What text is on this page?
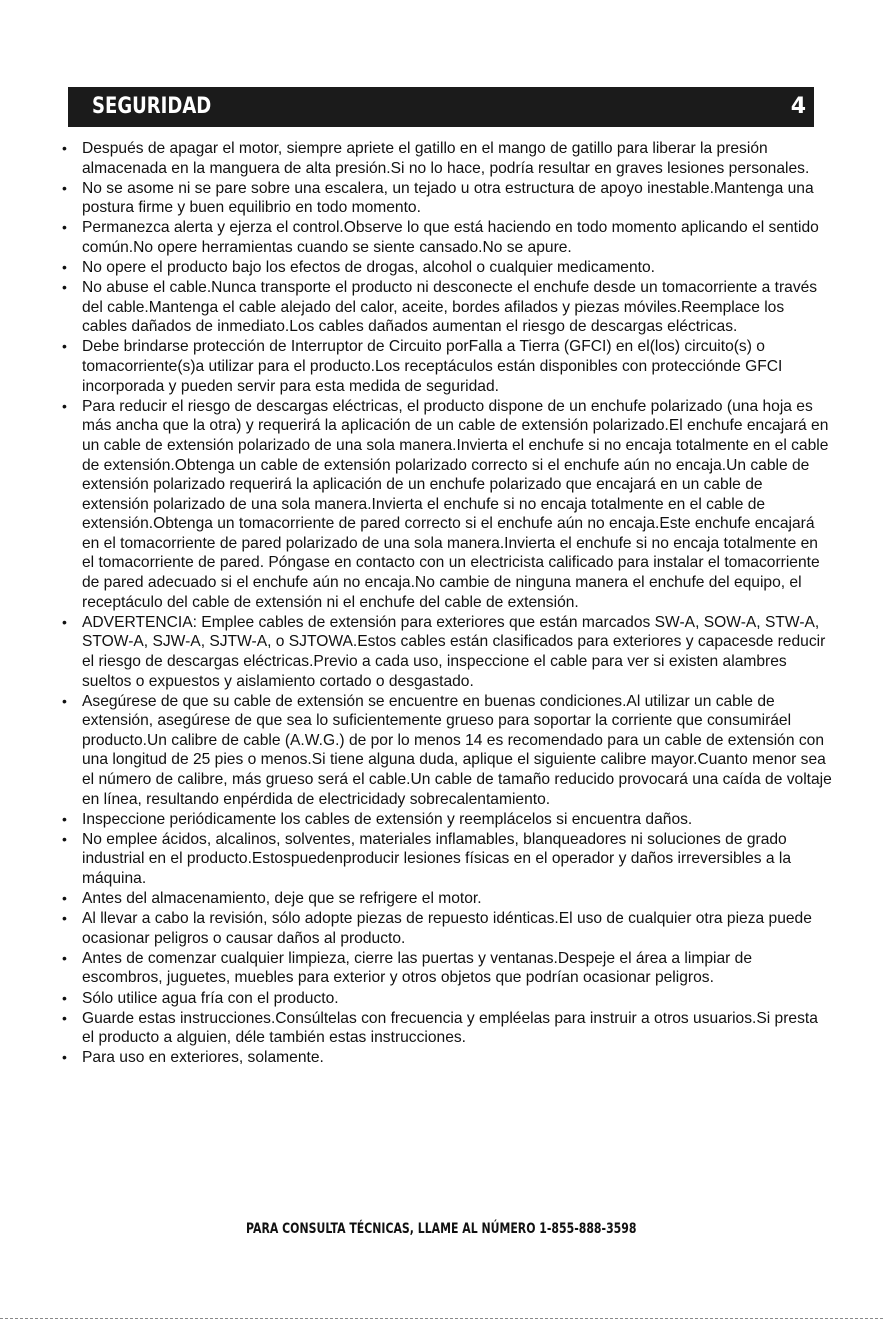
SEGURIDAD	4
• Después de apagar el motor, siempre apriete el gatillo en el mango de gatillo para liberar la presión almacenada en la manguera de alta presión.Si no lo hace, podría resultar en graves lesiones personales.
• No se asome ni se pare sobre una escalera, un tejado u otra estructura de apoyo inestable.Mantenga una postura firme y buen equilibrio en todo momento.
• Permanezca alerta y ejerza el control.Observe lo que está haciendo en todo momento aplicando el sentido común.No opere herramientas cuando se siente cansado.No se apure.
• No opere el producto bajo los efectos de drogas, alcohol o cualquier medicamento.
• No abuse el cable.Nunca transporte el producto ni desconecte el enchufe desde un tomacorriente a través del cable.Mantenga el cable alejado del calor, aceite, bordes afilados y piezas móviles.Reemplace los cables dañados de inmediato.Los cables dañados aumentan el riesgo de descargas eléctricas.
• Debe brindarse protección de Interruptor de Circuito porFalla a Tierra (GFCI) en el(los) circuito(s) o tomacorriente(s)a utilizar para el producto.Los receptáculos están disponibles con protecciónde GFCI incorporada y pueden servir para esta medida de seguridad.
• Para reducir el riesgo de descargas eléctricas, el producto dispone de un enchufe polarizado (una hoja es más ancha que la otra) y requerirá la aplicación de un cable de extensión polarizado.El enchufe encajará en un cable de extensión polarizado de una sola manera.Invierta el enchufe si no encaja totalmente en el cable de extensión.Obtenga un cable de extensión polarizado correcto si el enchufe aún no encaja.Un cable de extensión polarizado requerirá la aplicación de un enchufe polarizado que encajará en un cable de extensión polarizado de una sola manera.Invierta el enchufe si no encaja totalmente en el cable de extensión.Obtenga un tomacorriente de pared correcto si el enchufe aún no encaja.Este enchufe encajará en el tomacorriente de pared polarizado de una sola manera.Invierta el enchufe si no encaja totalmente en el tomacorriente de pared. Póngase en contacto con un electricista calificado para instalar el tomacorriente de pared adecuado si el enchufe aún no encaja.No cambie de ninguna manera el enchufe del equipo, el receptáculo del cable de extensión ni el enchufe del cable de extensión.
• ADVERTENCIA: Emplee cables de extensión para exteriores que están marcados SW-A, SOW-A, STW-A, STOW-A, SJW-A, SJTW-A, o SJTOWA.Estos cables están clasificados para exteriores y capacesde reducir el riesgo de descargas eléctricas.Previo a cada uso, inspeccione el cable para ver si existen alambres sueltos o expuestos y aislamiento cortado o desgastado.
• Asegúrese de que su cable de extensión se encuentre en buenas condiciones.Al utilizar un cable de extensión, asegúrese de que sea lo suficientemente grueso para soportar la corriente que consumiráel producto.Un calibre de cable (A.W.G.) de por lo menos 14 es recomendado para un cable de extensión con una longitud de 25 pies o menos.Si tiene alguna duda, aplique el siguiente calibre mayor.Cuanto menor sea el número de calibre, más grueso será el cable.Un cable de tamaño reducido provocará una caída de voltaje en línea, resultando enpérdida de electricidady sobrecalentamiento.
• Inspeccione periódicamente los cables de extensión y reemplácelos si encuentra daños.
• No emplee ácidos, alcalinos, solventes, materiales inflamables, blanqueadores ni soluciones de grado industrial en el producto.Estospuedenproducir lesiones físicas en el operador y daños irreversibles a la máquina.
• Antes del almacenamiento, deje que se refrigere el motor.
• Al llevar a cabo la revisión, sólo adopte piezas de repuesto idénticas.El uso de cualquier otra pieza puede ocasionar peligros o causar daños al producto.
• Antes de comenzar cualquier limpieza, cierre las puertas y ventanas.Despeje el área a limpiar de escombros, juguetes, muebles para exterior y otros objetos que podrían ocasionar peligros.
• Sólo utilice agua fría con el producto.
• Guarde estas instrucciones.Consúltelas con frecuencia y empléelas para instruir a otros usuarios.Si presta el producto a alguien, déle también estas instrucciones.
• Para uso en exteriores, solamente.
PARA CONSULTA TÉCNICAS, LLAME AL NÚMERO 1-855-888-3598
